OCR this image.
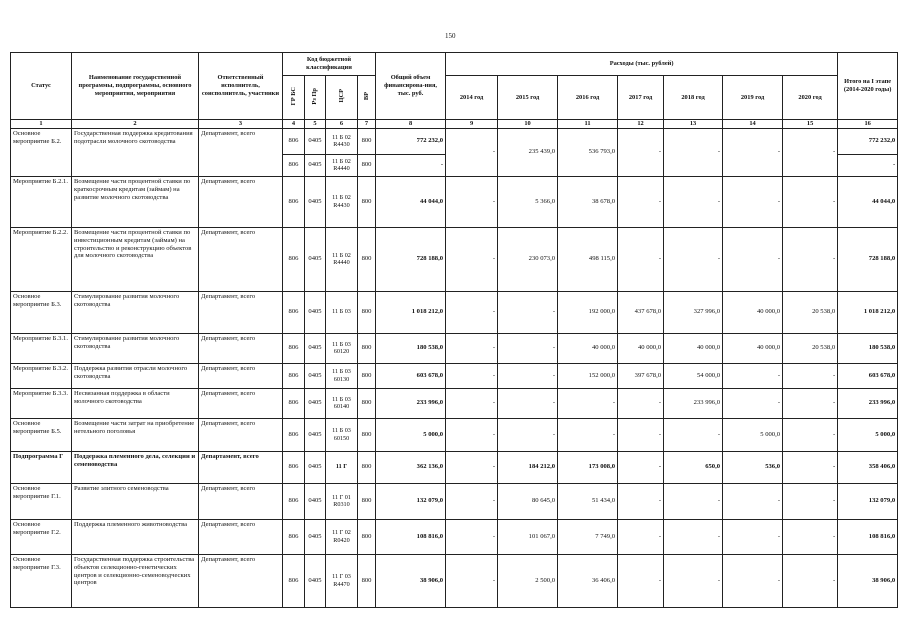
150
Статус	Наименование государственной программы, подпрограммы, основного мероприятия, мероприятия	Ответственный исполнитель, соисполнитель, участники	Код бюджетной классификации				Общий объем финансирова-ния, тыс. руб.	Расходы (тыс. рублей)							Итого на I этапе (2014-2020 годы)
			ГР БС	Рз Пр	ЦСР	ВР		2014 год	2015 год	2016 год	2017 год	2018 год	2019 год	2020 год	
1	2	3	4	5	6	7	8	9	10	11	12	13	14	15	16
Основное мероприятие Б.2.	Государственная поддержка кредитования подотрасли молочного скотоводства	Департамент, всего	806	0405	11 Б 02 R4430	800	772 232,0	-	235 439,0	536 793,0	-	-	-	-	772 232,0
			806	0405	11 Б 02 R4440	800	-								-
Мероприятие Б.2.1.	Возмещение части процентной ставки по краткосрочным кредитам (займам) на развитие молочного скотоводства	Департамент, всего	806	0405	11 Б 02 R4430	800	44 044,0	-	5 366,0	38 678,0	-	-	-	-	44 044,0
Мероприятие Б.2.2.	Возмещение части процентной ставки по инвестиционным кредитам (займам) на строительство и реконструкцию объектов для молочного скотоводства	Департамент, всего	806	0405	11 Б 02 R4440	800	728 188,0	-	230 073,0	498 115,0	-	-	-	-	728 188,0
Основное мероприятие Б.3.	Стимулирование развития молочного скотоводства	Департамент, всего	806	0405	11 Б 03	800	1 018 212,0	-	-	192 000,0	437 678,0	327 996,0	40 000,0	20 538,0	1 018 212,0
Мероприятие Б.3.1.	Стимулирование развития молочного скотоводства	Департамент, всего	806	0405	11 Б 03 60120	800	180 538,0	-	-	40 000,0	40 000,0	40 000,0	40 000,0	20 538,0	180 538,0
Мероприятие Б.3.2.	Поддержка развития отрасли молочного скотоводства	Департамент, всего	806	0405	11 Б 03 60130	800	603 678,0	-	-	152 000,0	397 678,0	54 000,0	-	-	603 678,0
Мероприятие Б.3.3.	Несвязанная поддержка в области молочного скотоводства	Департамент, всего	806	0405	11 Б 03 60140	800	233 996,0	-	-	-	-	233 996,0	-	-	233 996,0
Основное мероприятие Б.5.	Возмещение части затрат на приобретение нетельного поголовья	Департамент, всего	806	0405	11 Б 03 60150	800	5 000,0	-	-	-	-	-	5 000,0	-	5 000,0
Подпрограмма Г	Поддержка племенного дела, селекции и семеноводства	Департамент, всего	806	0405	11 Г	800	362 136,0	-	184 212,0	173 008,0	-	650,0	536,0	-	358 406,0
Основное мероприятие Г.1.	Развитие элитного семеноводства	Департамент, всего	806	0405	11 Г 01 R0310	800	132 079,0	-	80 645,0	51 434,0	-	-	-	-	132 079,0
Основное мероприятие Г.2.	Поддержка племенного животноводства	Департамент, всего	806	0405	11 Г 02 R0420	800	108 816,0	-	101 067,0	7 749,0	-	-	-	-	108 816,0
Основное мероприятие Г.3.	Государственная поддержка строительства объектов селекционно-генетических центров и селекционно-семеноводческих центров	Департамент, всего	806	0405	11 Г 03 R4470	800	38 906,0	-	2 500,0	36 406,0	-	-	-	-	38 906,0
